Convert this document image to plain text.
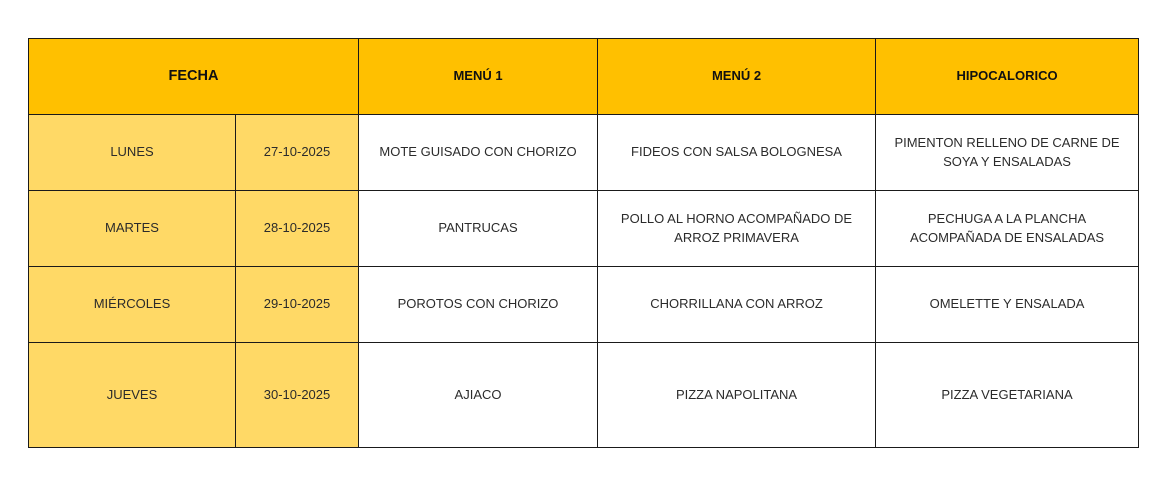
FECHA		MENÚ 1	MENÚ 2	HIPOCALORICO
LUNES	27-10-2025	MOTE GUISADO CON CHORIZO	FIDEOS CON SALSA BOLOGNESA	PIMENTON RELLENO DE CARNE DE SOYA Y ENSALADAS
MARTES	28-10-2025	PANTRUCAS	POLLO AL HORNO ACOMPAÑADO DE ARROZ PRIMAVERA	PECHUGA A LA PLANCHA ACOMPAÑADA DE ENSALADAS
MIÉRCOLES	29-10-2025	POROTOS CON CHORIZO	CHORRILLANA CON ARROZ	OMELETTE Y ENSALADA
JUEVES	30-10-2025	AJIACO	PIZZA NAPOLITANA	PIZZA VEGETARIANA
